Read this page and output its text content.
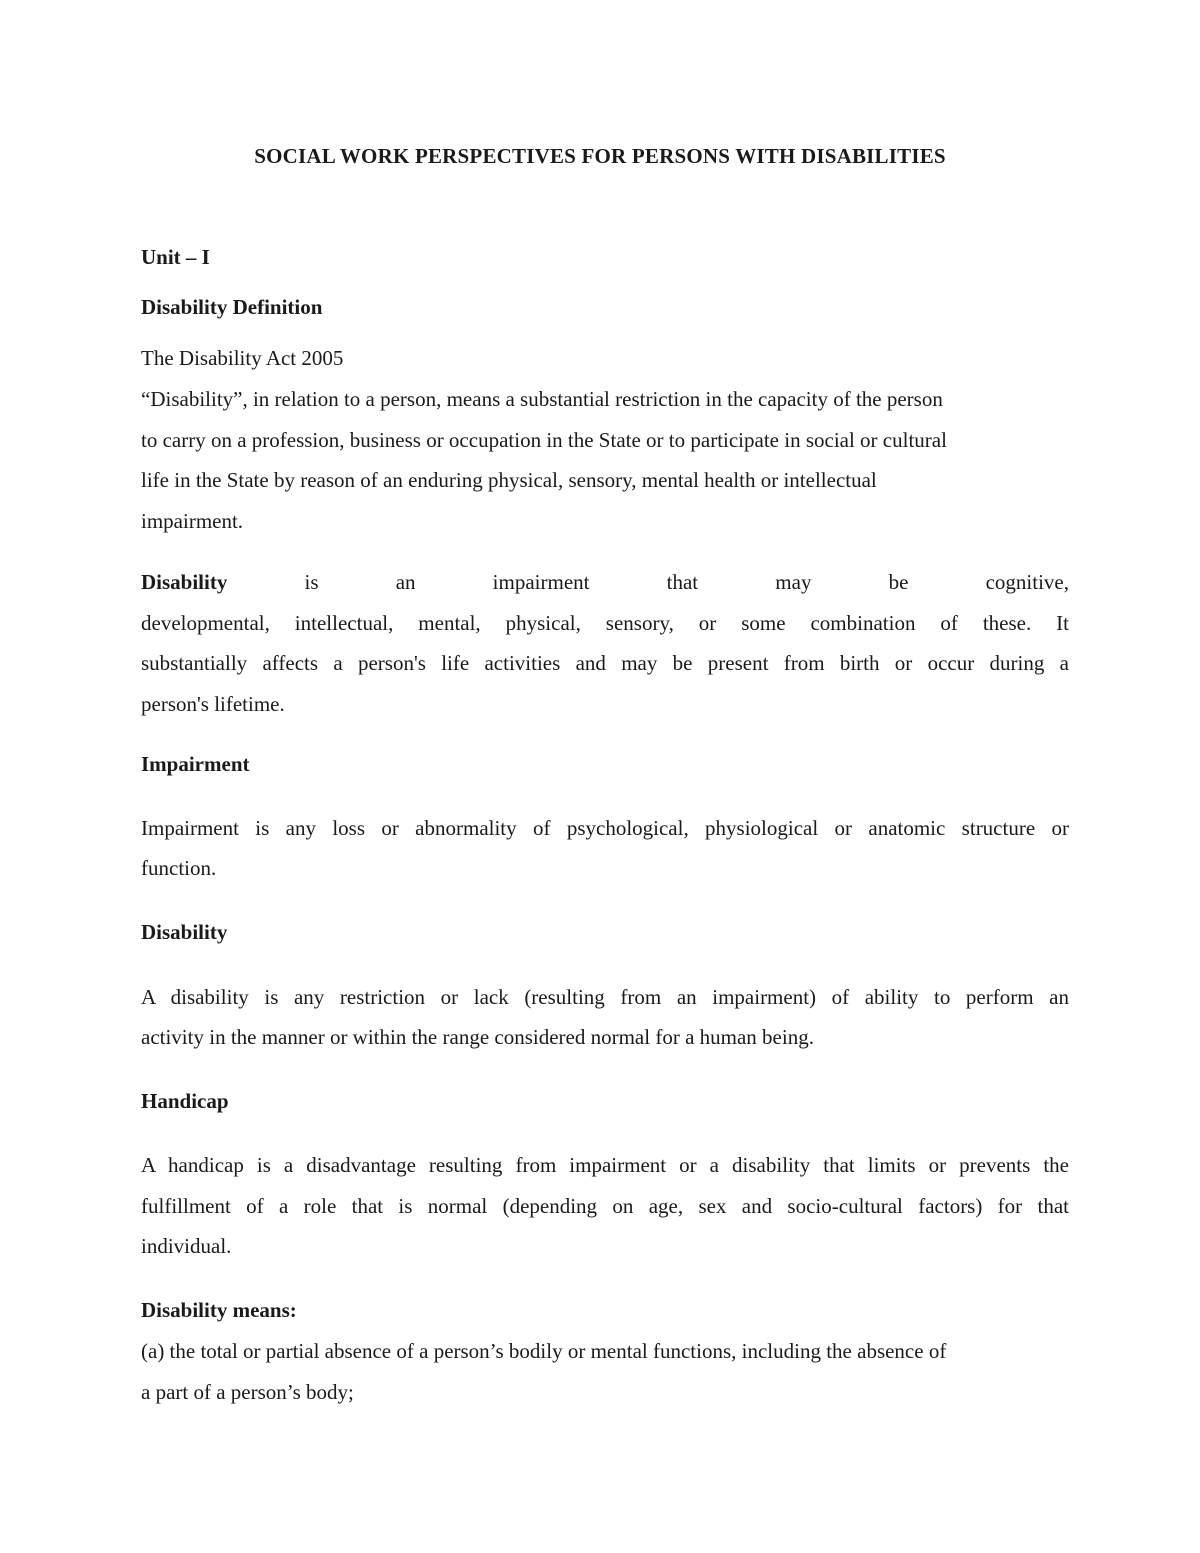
SOCIAL WORK PERSPECTIVES FOR PERSONS WITH DISABILITIES
Unit – I
Disability Definition
The Disability Act 2005
“Disability”, in relation to a person, means a substantial restriction in the capacity of the person
to carry on a profession, business or occupation in the State or to participate in social or cultural
life in the State by reason of an enduring physical, sensory, mental health or intellectual
impairment.
Disability is an impairment that may be cognitive,
developmental, intellectual, mental, physical, sensory, or some combination of these. It
substantially affects a person's life activities and may be present from birth or occur during a
person's lifetime.
Impairment
Impairment is any loss or abnormality of psychological, physiological or anatomic structure or
function.
Disability
A disability is any restriction or lack (resulting from an impairment) of ability to perform an
activity in the manner or within the range considered normal for a human being.
Handicap
A handicap is a disadvantage resulting from impairment or a disability that limits or prevents the
fulfillment of a role that is normal (depending on age, sex and socio-cultural factors) for that
individual.
Disability means:
(a) the total or partial absence of a person’s bodily or mental functions, including the absence of
a part of a person’s body;
